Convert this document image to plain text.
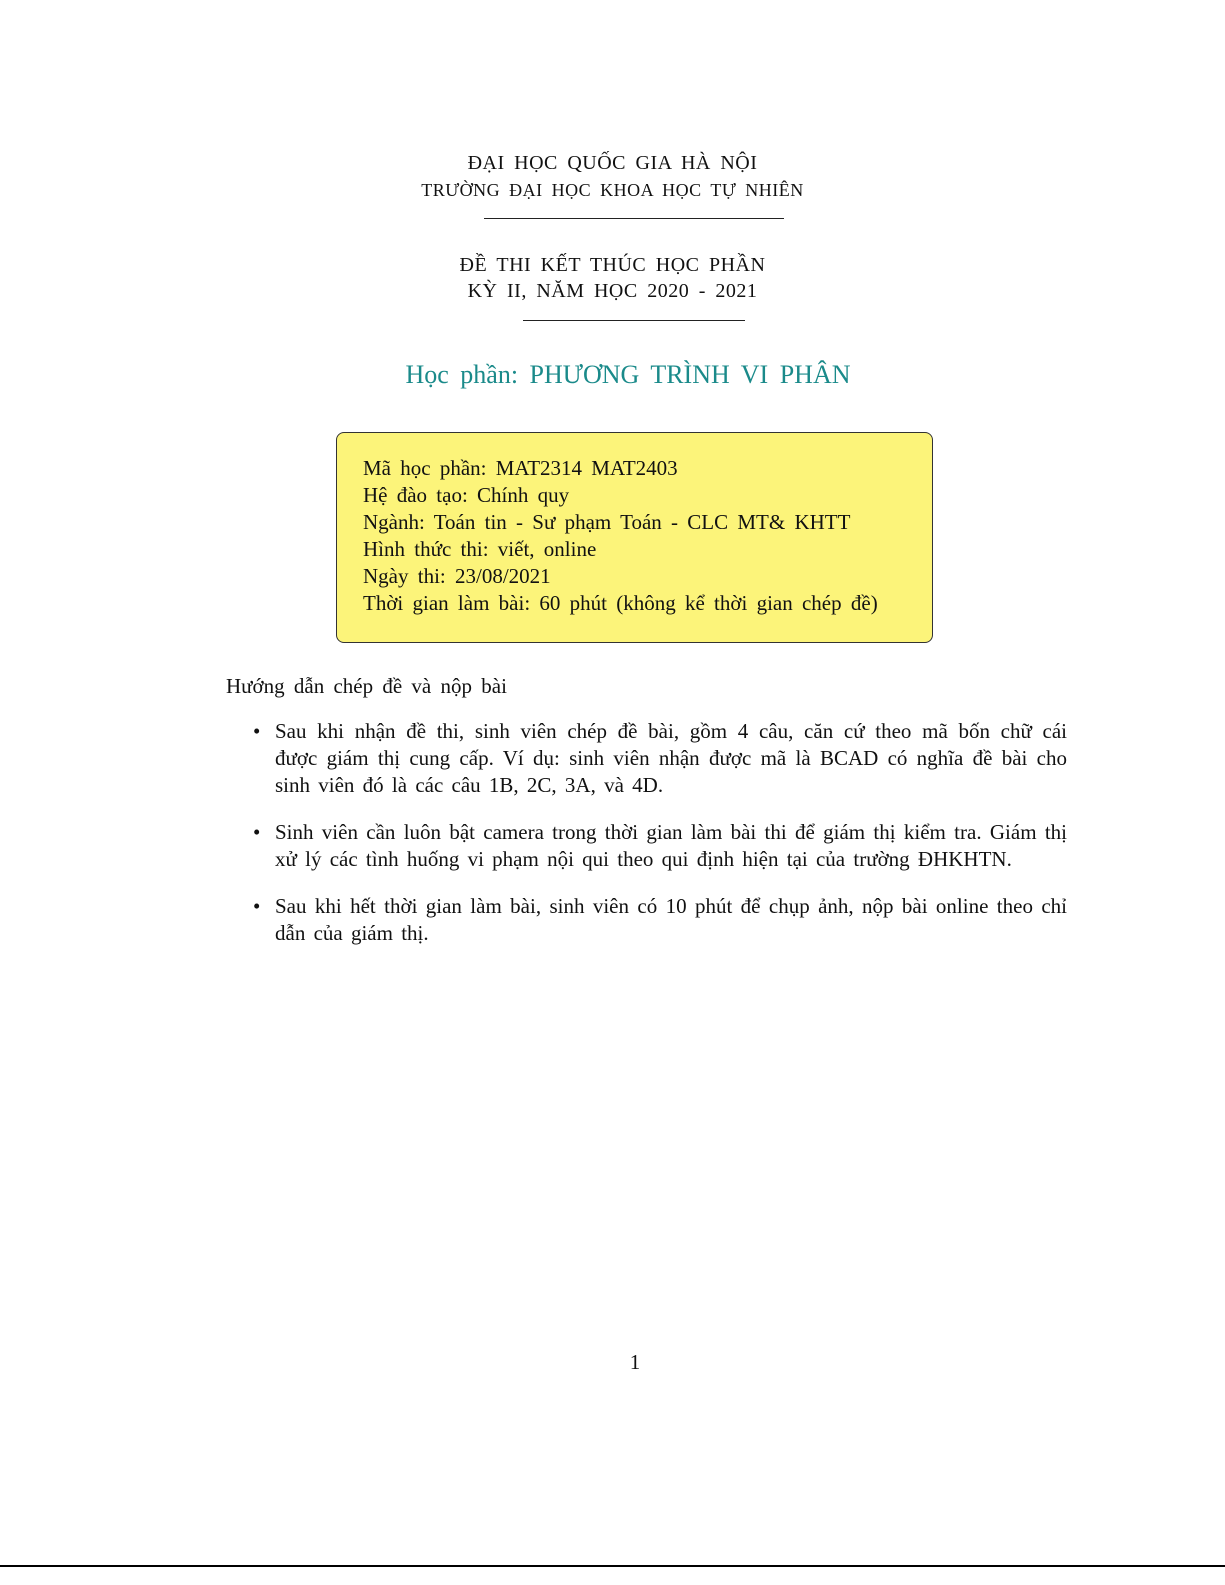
ĐẠI HỌC QUỐC GIA HÀ NỘI
TRƯỜNG ĐẠI HỌC KHOA HỌC TỰ NHIÊN
ĐỀ THI KẾT THÚC HỌC PHẦN
KỲ II, NĂM HỌC 2020 - 2021
Học phần: PHƯƠNG TRÌNH VI PHÂN
Mã học phần: MAT2314 MAT2403
Hệ đào tạo: Chính quy
Ngành: Toán tin - Sư phạm Toán - CLC MT& KHTT
Hình thức thi: viết, online
Ngày thi: 23/08/2021
Thời gian làm bài: 60 phút (không kể thời gian chép đề)
Hướng dẫn chép đề và nộp bài
• Sau khi nhận đề thi, sinh viên chép đề bài, gồm 4 câu, căn cứ theo mã bốn chữ cái được giám thị cung cấp. Ví dụ: sinh viên nhận được mã là BCAD có nghĩa đề bài cho sinh viên đó là các câu 1B, 2C, 3A, và 4D.
• Sinh viên cần luôn bật camera trong thời gian làm bài thi để giám thị kiểm tra. Giám thị xử lý các tình huống vi phạm nội qui theo qui định hiện tại của trường ĐHKHTN.
• Sau khi hết thời gian làm bài, sinh viên có 10 phút để chụp ảnh, nộp bài online theo chỉ dẫn của giám thị.
1
